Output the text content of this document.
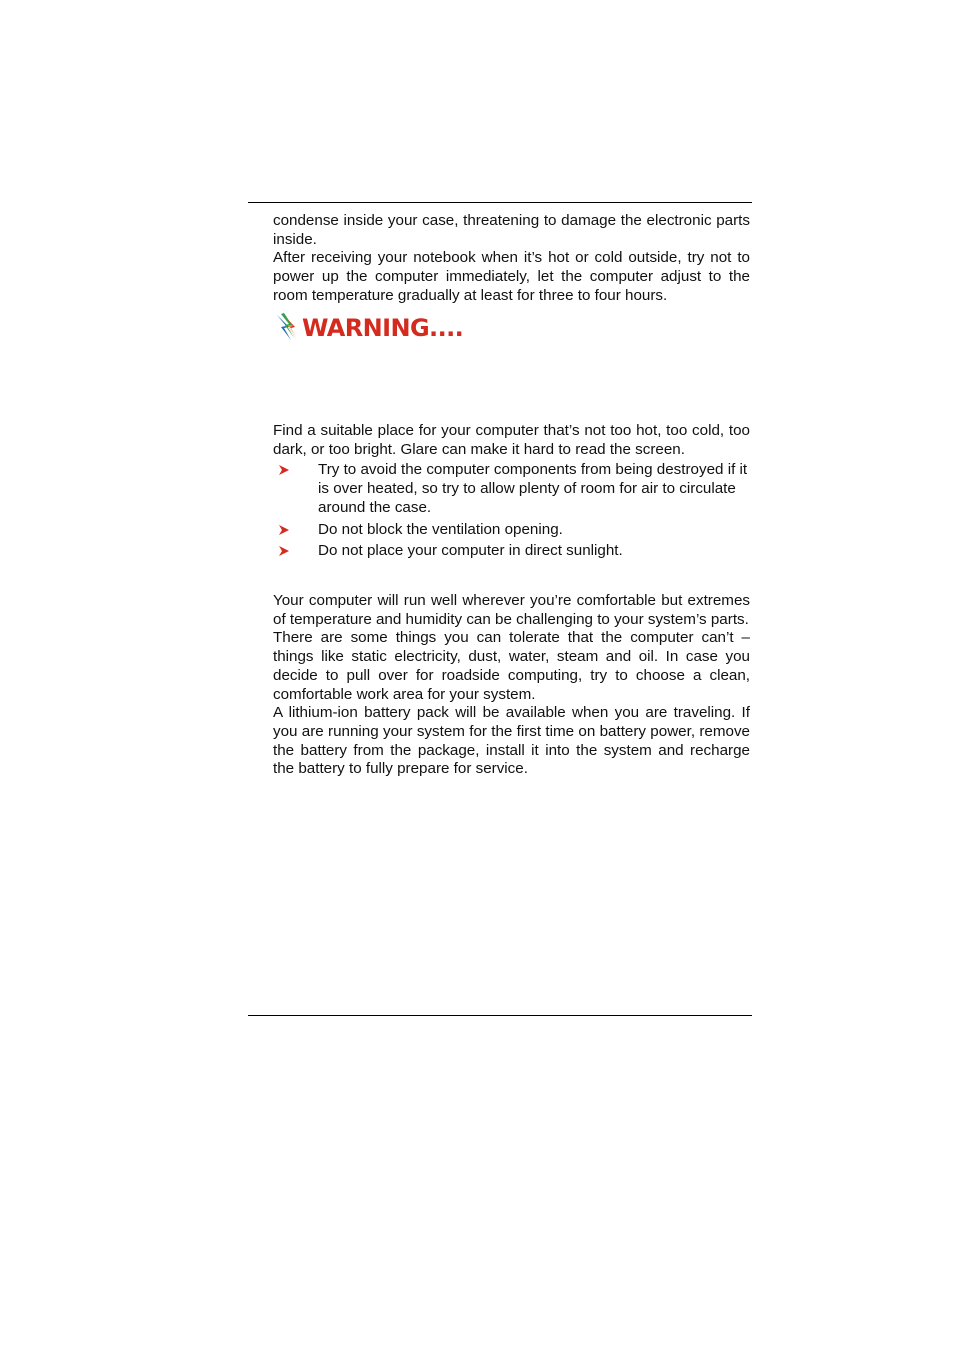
condense inside your case, threatening to damage the electronic parts inside.

After receiving your notebook when it’s hot or cold outside, try not to power up the computer immediately, let the computer adjust to the room temperature gradually at least for three to four hours.

WARNING....

Find a suitable place for your computer that’s not too hot, too cold, too dark, or too bright. Glare can make it hard to read the screen.

Try to avoid the computer components from being destroyed if it is over heated, so try to allow plenty of room for air to circulate around the case.
Do not block the ventilation opening.
Do not place your computer in direct sunlight.

Your computer will run well wherever you’re comfortable but extremes of temperature and humidity can be challenging to your system’s parts.

There are some things you can tolerate that the computer can’t – things like static electricity, dust, water, steam and oil. In case you decide to pull over for roadside computing, try to choose a clean, comfortable work area for your system.

A lithium-ion battery pack will be available when you are traveling. If you are running your system for the first time on battery power, remove the battery from the package, install it into the system and recharge the battery to fully prepare for service.
